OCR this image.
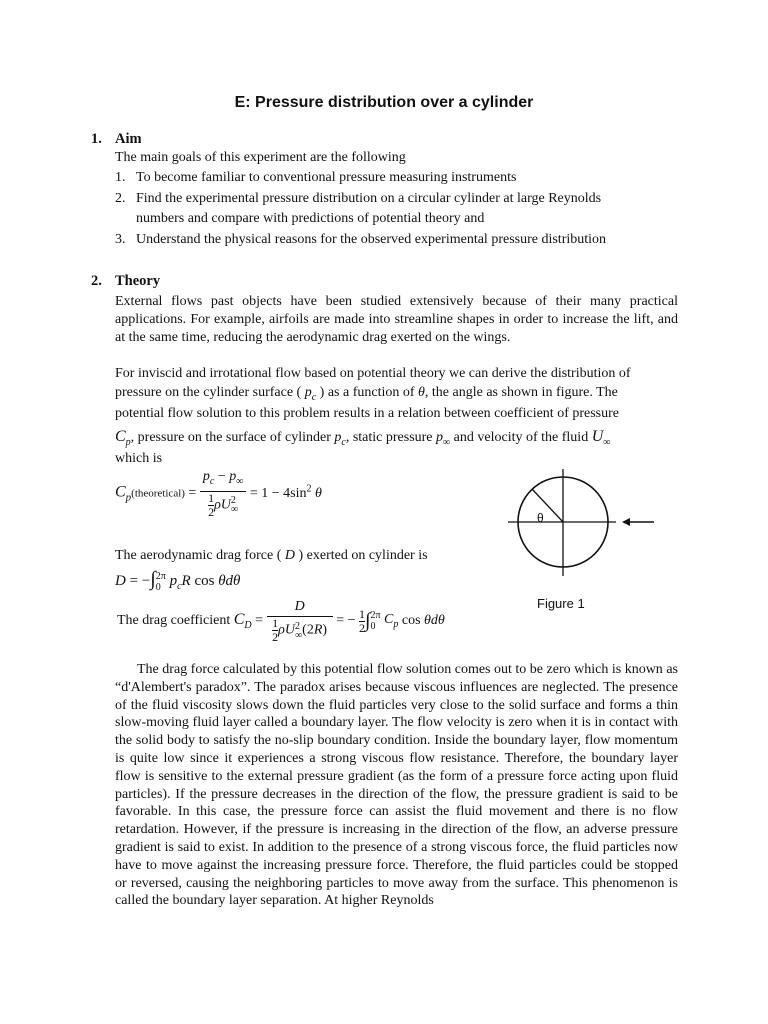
E: Pressure distribution over a cylinder
1. Aim
The main goals of this experiment are the following
1. To become familiar to conventional pressure measuring instruments
2. Find the experimental pressure distribution on a circular cylinder at large Reynolds
numbers and compare with predictions of potential theory and
3. Understand the physical reasons for the observed experimental pressure distribution
2. Theory

External flows past objects have been studied extensively because of their many practical applications. For example, airfoils are made into streamline shapes in order to increase the lift, and at the same time, reducing the aerodynamic drag exerted on the wings.

For inviscid and irrotational flow based on potential theory we can derive the distribution of
pressure on the cylinder surface ( $p_c$ ) as a function of θ, the angle as shown in figure. The
potential flow solution to this problem results in a relation between coefficient of pressure
$C_p$, pressure on the surface of cylinder $p_c$, static pressure $p_\infty$ and velocity of the fluid $U_\infty$
which is
$C_p(theoretical) = p_c - p_\infty$
$\frac{1}{2}$ ρU 2
∞ = $1 - 4\sin^2$ θ
θ
Figure 1
The aerodynamic drag force ( D ) exerted on cylinder is
D = −∫ 2π
0 $p_cR$ cos θdθ
The drag coefficient $C_D = D$
$\frac{1}{2}$ ρU 2
∞ (2R) = − $\frac{1}{2}$ ∫ 2π
0 $C_p$ cos θdθ

The drag force calculated by this potential flow solution comes out to be zero which is known as “d'Alembert's paradox”. The paradox arises because viscous influences are neglected. The presence of the fluid viscosity slows down the fluid particles very close to the solid surface and forms a thin slow-moving fluid layer called a boundary layer. The flow velocity is zero when it is in contact with the solid body to satisfy the no-slip boundary condition. Inside the boundary layer, flow momentum is quite low since it experiences a strong viscous flow resistance. Therefore, the boundary layer flow is sensitive to the external pressure gradient (as the form of a pressure force acting upon fluid particles). If the pressure decreases in the direction of the flow, the pressure gradient is said to be favorable. In this case, the pressure force can assist the fluid movement and there is no flow retardation. However, if the pressure is increasing in the direction of the flow, an adverse pressure gradient is said to exist. In addition to the presence of a strong viscous force, the fluid particles now have to move against the increasing pressure force. Therefore, the fluid particles could be stopped or reversed, causing the neighboring particles to move away from the surface. This phenomenon is called the boundary layer separation. At higher Reynolds
